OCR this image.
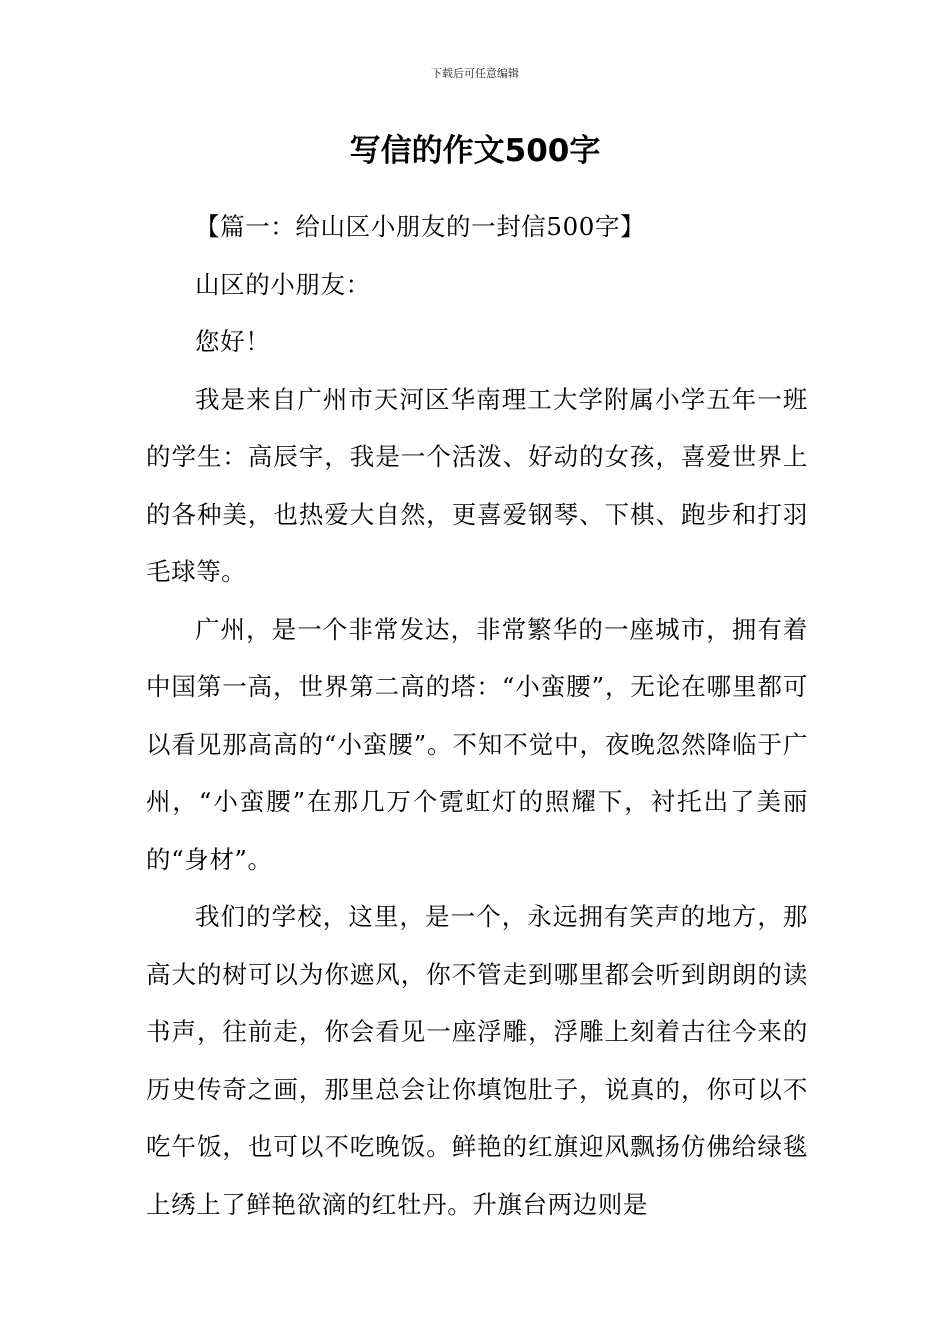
下载后可任意编辑
写信的作文500字

【篇一：给山区小朋友的一封信500字】

山区的小朋友：

您好！

我是来自广州市天河区华南理工大学附属小学五年一班的学生：高辰宇，我是一个活泼、好动的女孩，喜爱世界上的各种美，也热爱大自然，更喜爱钢琴、下棋、跑步和打羽毛球等。

广州，是一个非常发达，非常繁华的一座城市，拥有着中国第一高，世界第二高的塔：“小蛮腰”，无论在哪里都可以看见那高高的“小蛮腰”。不知不觉中，夜晚忽然降临于广州，“小蛮腰”在那几万个霓虹灯的照耀下，衬托出了美丽的“身材”。

我们的学校，这里，是一个，永远拥有笑声的地方，那高大的树可以为你遮风，你不管走到哪里都会听到朗朗的读书声，往前走，你会看见一座浮雕，浮雕上刻着古往今来的历史传奇之画，那里总会让你填饱肚子，说真的，你可以不吃午饭，也可以不吃晚饭。鲜艳的红旗迎风飘扬仿佛给绿毯上绣上了鲜艳欲滴的红牡丹。升旗台两边则是
